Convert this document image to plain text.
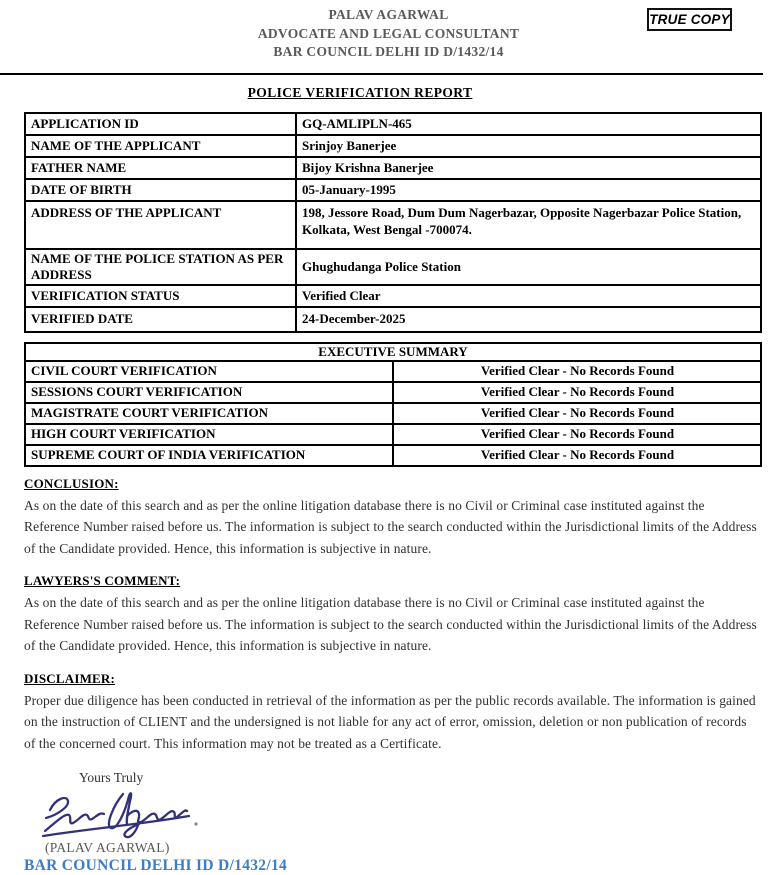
PALAV AGARWAL
ADVOCATE AND LEGAL CONSULTANT
BAR COUNCIL DELHI ID D/1432/14
TRUE COPY
POLICE VERIFICATION REPORT
APPLICATION ID	GQ-AMLIPLN-465
NAME OF THE APPLICANT	Srinjoy Banerjee
FATHER NAME	Bijoy Krishna Banerjee
DATE OF BIRTH	05-January-1995
ADDRESS OF THE APPLICANT	198, Jessore Road, Dum Dum Nagerbazar, Opposite Nagerbazar Police Station, Kolkata, West Bengal -700074.
NAME OF THE POLICE STATION AS PER ADDRESS	Ghughudanga Police Station
VERIFICATION STATUS	Verified Clear
VERIFIED DATE	24-December-2025
EXECUTIVE SUMMARY	
CIVIL COURT VERIFICATION	Verified Clear - No Records Found
SESSIONS COURT VERIFICATION	Verified Clear - No Records Found
MAGISTRATE COURT VERIFICATION	Verified Clear - No Records Found
HIGH COURT VERIFICATION	Verified Clear - No Records Found
SUPREME COURT OF INDIA VERIFICATION	Verified Clear - No Records Found
CONCLUSION:
As on the date of this search and as per the online litigation database there is no Civil or Criminal case instituted against the Reference Number raised before us. The information is subject to the search conducted within the Jurisdictional limits of the Address of the Candidate provided. Hence, this information is subjective in nature.
LAWYERS'S COMMENT:
As on the date of this search and as per the online litigation database there is no Civil or Criminal case instituted against the Reference Number raised before us. The information is subject to the search conducted within the Jurisdictional limits of the Address of the Candidate provided. Hence, this information is subjective in nature.
DISCLAIMER:
Proper due diligence has been conducted in retrieval of the information as per the public records available. The information is gained on the instruction of CLIENT and the undersigned is not liable for any act of error, omission, deletion or non publication of records of the concerned court. This information may not be treated as a Certificate.
Yours Truly
(PALAV AGARWAL)
BAR COUNCIL DELHI ID D/1432/14
